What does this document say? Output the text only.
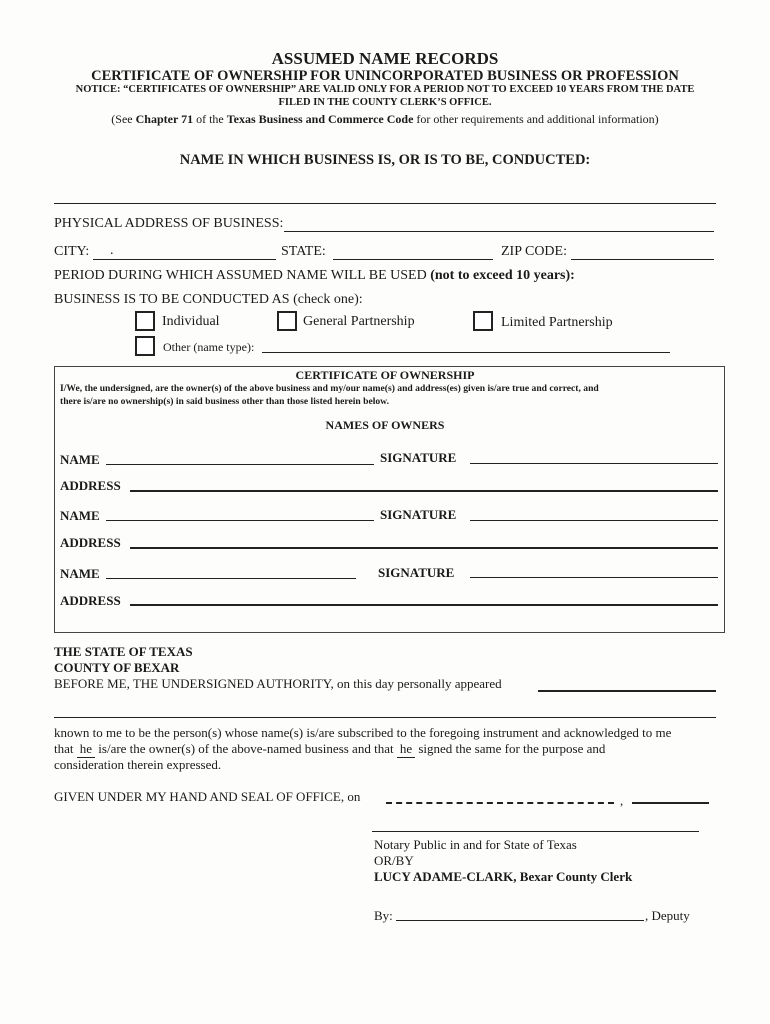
ASSUMED NAME RECORDS
CERTIFICATE OF OWNERSHIP FOR UNINCORPORATED BUSINESS OR PROFESSION
NOTICE: “CERTIFICATES OF OWNERSHIP” ARE VALID ONLY FOR A PERIOD NOT TO EXCEED 10 YEARS FROM THE DATE
FILED IN THE COUNTY CLERK’S OFFICE.
(See Chapter 71 of the Texas Business and Commerce Code for other requirements and additional information)
NAME IN WHICH BUSINESS IS, OR IS TO BE, CONDUCTED:
PHYSICAL ADDRESS OF BUSINESS:
CITY: .	STATE:	ZIP CODE:
PERIOD DURING WHICH ASSUMED NAME WILL BE USED (not to exceed 10 years):
BUSINESS IS TO BE CONDUCTED AS (check one):
Individual	General Partnership	Limited Partnership
Other (name type):
CERTIFICATE OF OWNERSHIP
I/We, the undersigned, are the owner(s) of the above business and my/our name(s) and address(es) given is/are true and correct, and
there is/are no ownership(s) in said business other than those listed herein below.
NAMES OF OWNERS
NAME	SIGNATURE
ADDRESS
NAME	SIGNATURE
ADDRESS
NAME	SIGNATURE
ADDRESS
THE STATE OF TEXAS
COUNTY OF BEXAR
BEFORE ME, THE UNDERSIGNED AUTHORITY, on this day personally appeared
known to me to be the person(s) whose name(s) is/are subscribed to the foregoing instrument and acknowledged to me
that he is/are the owner(s) of the above-named business and that he signed the same for the purpose and
consideration therein expressed.
GIVEN UNDER MY HAND AND SEAL OF OFFICE, on	,
Notary Public in and for State of Texas
OR/BY
LUCY ADAME-CLARK, Bexar County Clerk
By:	, Deputy
